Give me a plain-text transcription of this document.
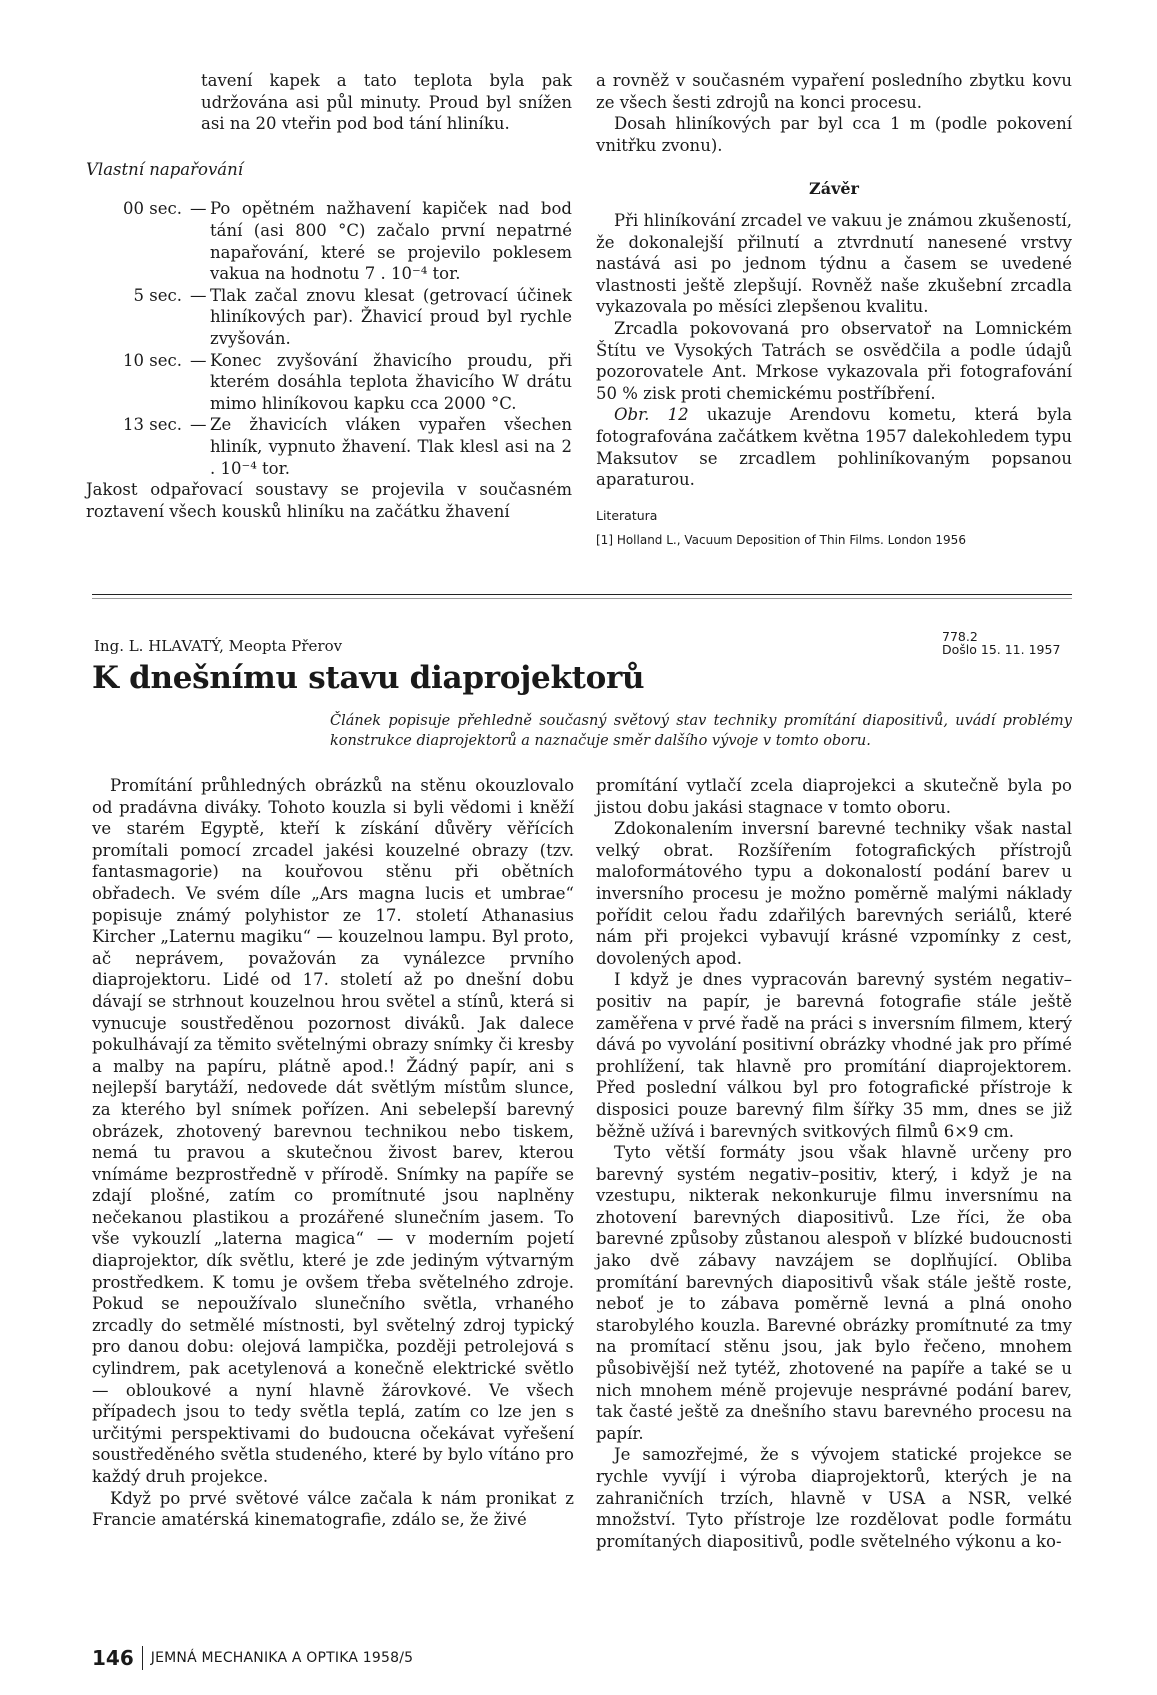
tavení kapek a tato teplota byla pak udržována asi půl minuty. Proud byl snížen asi na 20 vteřin pod bod tání hliníku.

Vlastní napařování

00 sec. — Po opětném nažhavení kapiček nad bod tání (asi 800 °C) začalo první nepatrné napařování, které se projevilo poklesem vakua na hodnotu 7 . 10⁻⁴ tor.
5 sec. — Tlak začal znovu klesat (getrovací účinek hliníkových par). Žhavicí proud byl rychle zvyšován.
10 sec. — Konec zvyšování žhavicího proudu, při kterém dosáhla teplota žhavicího W drátu mimo hliníkovou kapku cca 2000 °C.
13 sec. — Ze žhavicích vláken vypařen všechen hliník, vypnuto žhavení. Tlak klesl asi na 2 . 10⁻⁴ tor.

Jakost odpařovací soustavy se projevila v současném roztavení všech kousků hliníku na začátku žhavení

a rovněž v současném vypaření posledního zbytku kovu ze všech šesti zdrojů na konci procesu.

Dosah hliníkových par byl cca 1 m (podle pokovení vnitřku zvonu).

Závěr

Při hliníkování zrcadel ve vakuu je známou zkušeností, že dokonalejší přilnutí a ztvrdnutí nanesené vrstvy nastává asi po jednom týdnu a časem se uvedené vlastnosti ještě zlepšují. Rovněž naše zkušební zrcadla vykazovala po měsíci zlepšenou kvalitu.

Zrcadla pokovovaná pro observatoř na Lomnickém Štítu ve Vysokých Tatrách se osvědčila a podle údajů pozorovatele Ant. Mrkose vykazovala při fotografování 50 % zisk proti chemickému postříbření.

Obr. 12 ukazuje Arendovu kometu, která byla fotografována začátkem května 1957 dalekohledem typu Maksutov se zrcadlem pohliníkovaným popsanou aparaturou.

Literatura

[1] Holland L., Vacuum Deposition of Thin Films. London 1956

Ing. L. HLAVATÝ, Meopta Přerov
778.2
Došlo 15. 11. 1957
K dnešnímu stavu diaprojektorů
Článek popisuje přehledně současný světový stav techniky promítání diapositivů, uvádí problémy konstrukce diaprojektorů a naznačuje směr dalšího vývoje v tomto oboru.

Promítání průhledných obrázků na stěnu okouzlovalo od pradávna diváky. Tohoto kouzla si byli vědomi i kněží ve starém Egyptě, kteří k získání důvěry věřících promítali pomocí zrcadel jakési kouzelné obrazy (tzv. fantasmagorie) na kouřovou stěnu při obětních obřadech. Ve svém díle „Ars magna lucis et umbrae“ popisuje známý polyhistor ze 17. století Athanasius Kircher „Laternu magiku“ — kouzelnou lampu. Byl proto, ač neprávem, považován za vynálezce prvního diaprojektoru. Lidé od 17. století až po dnešní dobu dávají se strhnout kouzelnou hrou světel a stínů, která si vynucuje soustředěnou pozornost diváků. Jak dalece pokulhávají za těmito světelnými obrazy snímky či kresby a malby na papíru, plátně apod.! Žádný papír, ani s nejlepší barytáží, nedovede dát světlým místům slunce, za kterého byl snímek pořízen. Ani sebelepší barevný obrázek, zhotovený barevnou technikou nebo tiskem, nemá tu pravou a skutečnou živost barev, kterou vnímáme bezprostředně v přírodě. Snímky na papíře se zdají plošné, zatím co promítnuté jsou naplněny nečekanou plastikou a prozářené slunečním jasem. To vše vykouzlí „laterna magica“ — v moderním pojetí diaprojektor, dík světlu, které je zde jediným výtvarným prostředkem. K tomu je ovšem třeba světelného zdroje. Pokud se nepoužívalo slunečního světla, vrhaného zrcadly do setmělé místnosti, byl světelný zdroj typický pro danou dobu: olejová lampička, později petrolejová s cylindrem, pak acetylenová a konečně elektrické světlo — obloukové a nyní hlavně žárovkové. Ve všech případech jsou to tedy světla teplá, zatím co lze jen s určitými perspektivami do budoucna očekávat vyřešení soustředěného světla studeného, které by bylo vítáno pro každý druh projekce.

Když po prvé světové válce začala k nám pronikat z Francie amatérská kinematografie, zdálo se, že živé

promítání vytlačí zcela diaprojekci a skutečně byla po jistou dobu jakási stagnace v tomto oboru.

Zdokonalením inversní barevné techniky však nastal velký obrat. Rozšířením fotografických přístrojů maloformátového typu a dokonalostí podání barev u inversního procesu je možno poměrně malými náklady pořídit celou řadu zdařilých barevných seriálů, které nám při projekci vybavují krásné vzpomínky z cest, dovolených apod.

I když je dnes vypracován barevný systém negativ–positiv na papír, je barevná fotografie stále ještě zaměřena v prvé řadě na práci s inversním filmem, který dává po vyvolání positivní obrázky vhodné jak pro přímé prohlížení, tak hlavně pro promítání diaprojektorem. Před poslední válkou byl pro fotografické přístroje k disposici pouze barevný film šířky 35 mm, dnes se již běžně užívá i barevných svitkových filmů 6×9 cm.

Tyto větší formáty jsou však hlavně určeny pro barevný systém negativ–positiv, který, i když je na vzestupu, nikterak nekonkuruje filmu inversnímu na zhotovení barevných diapositivů. Lze říci, že oba barevné způsoby zůstanou alespoň v blízké budoucnosti jako dvě zábavy navzájem se doplňující. Obliba promítání barevných diapositivů však stále ještě roste, neboť je to zábava poměrně levná a plná onoho starobylého kouzla. Barevné obrázky promítnuté za tmy na promítací stěnu jsou, jak bylo řečeno, mnohem působivější než tytéž, zhotovené na papíře a také se u nich mnohem méně projevuje nesprávné podání barev, tak časté ještě za dnešního stavu barevného procesu na papír.

Je samozřejmé, že s vývojem statické projekce se rychle vyvíjí i výroba diaprojektorů, kterých je na zahraničních trzích, hlavně v USA a NSR, velké množství. Tyto přístroje lze rozdělovat podle formátu promítaných diapositivů, podle světelného výkonu a ko-

146 JEMNÁ MECHANIKA A OPTIKA 1958/5
